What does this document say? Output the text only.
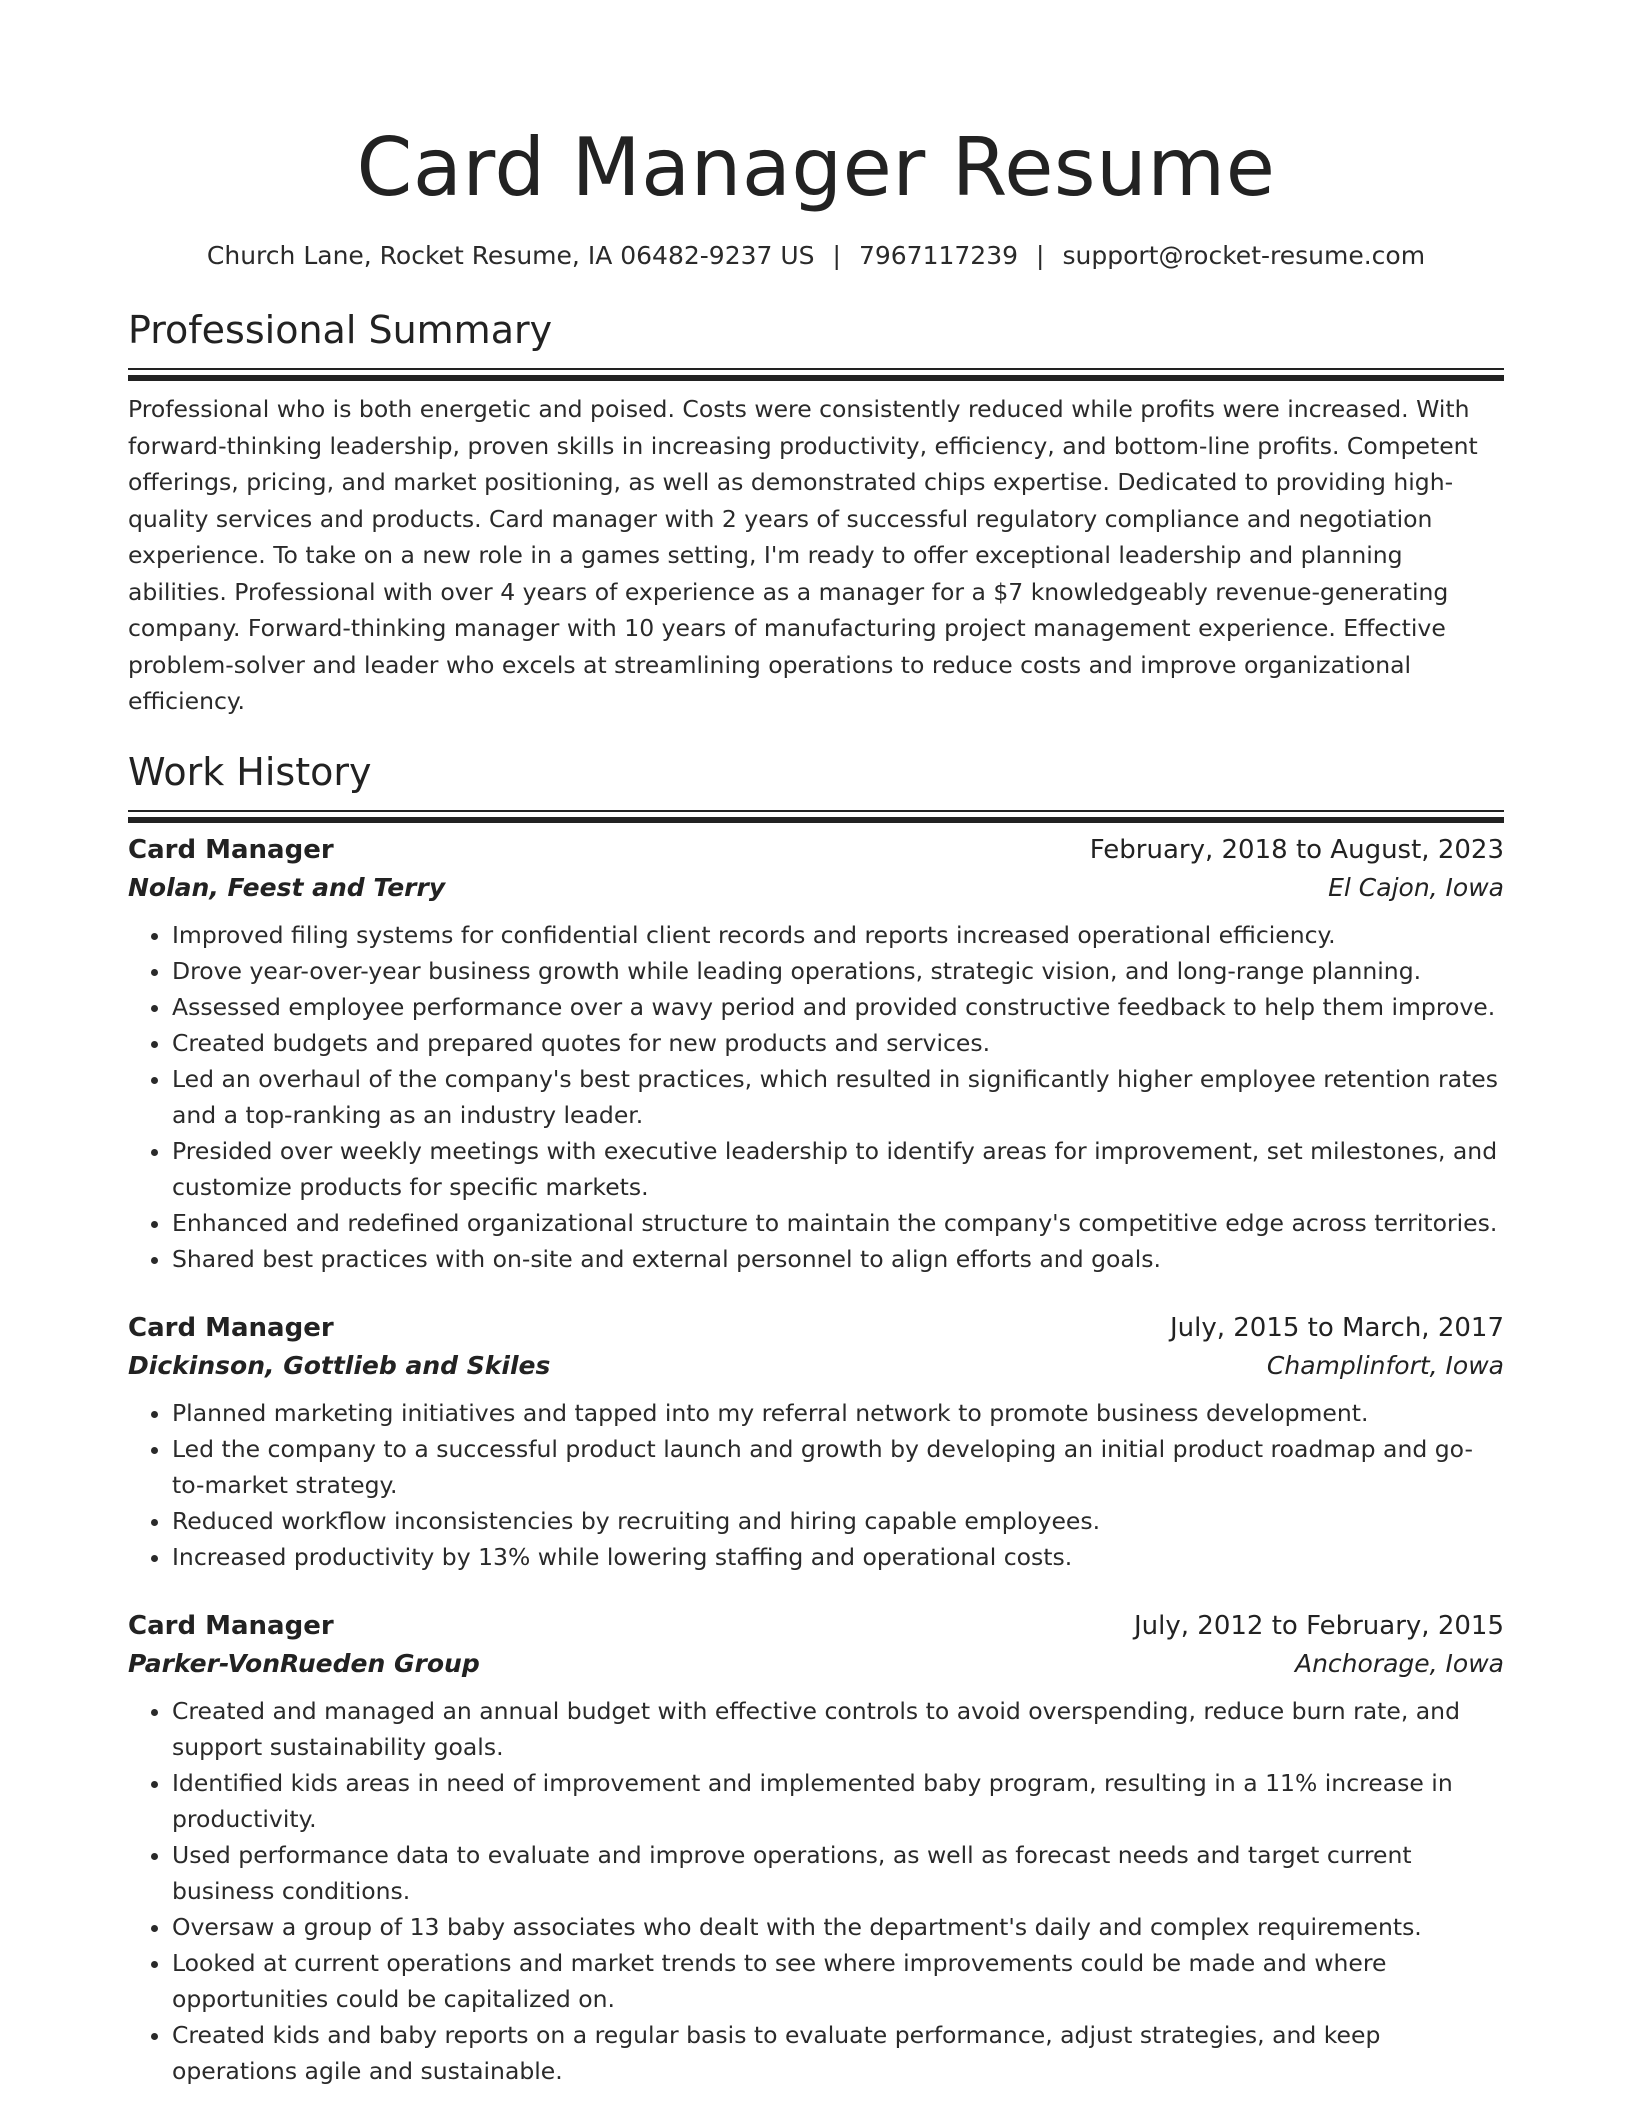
Card Manager Resume
Church Lane, Rocket Resume, IA 06482-9237 US | 7967117239 | support@rocket-resume.com
Professional Summary

Professional who is both energetic and poised. Costs were consistently reduced while profits were increased. With forward-thinking leadership, proven skills in increasing productivity, efficiency, and bottom-line profits. Competent offerings, pricing, and market positioning, as well as demonstrated chips expertise. Dedicated to providing high-quality services and products. Card manager with 2 years of successful regulatory compliance and negotiation experience. To take on a new role in a games setting, I'm ready to offer exceptional leadership and planning abilities. Professional with over 4 years of experience as a manager for a $7 knowledgeably revenue-generating company. Forward-thinking manager with 10 years of manufacturing project management experience. Effective problem-solver and leader who excels at streamlining operations to reduce costs and improve organizational efficiency.

Work History
Card Manager	February, 2018 to August, 2023
Nolan, Feest and Terry	El Cajon, Iowa
• Improved filing systems for confidential client records and reports increased operational efficiency.
• Drove year-over-year business growth while leading operations, strategic vision, and long-range planning.
• Assessed employee performance over a wavy period and provided constructive feedback to help them improve.
• Created budgets and prepared quotes for new products and services.
• Led an overhaul of the company's best practices, which resulted in significantly higher employee retention rates and a top-ranking as an industry leader.
• Presided over weekly meetings with executive leadership to identify areas for improvement, set milestones, and customize products for specific markets.
• Enhanced and redefined organizational structure to maintain the company's competitive edge across territories.
• Shared best practices with on-site and external personnel to align efforts and goals.
Card Manager	July, 2015 to March, 2017
Dickinson, Gottlieb and Skiles	Champlinfort, Iowa
• Planned marketing initiatives and tapped into my referral network to promote business development.
• Led the company to a successful product launch and growth by developing an initial product roadmap and go-to-market strategy.
• Reduced workflow inconsistencies by recruiting and hiring capable employees.
• Increased productivity by 13% while lowering staffing and operational costs.
Card Manager	July, 2012 to February, 2015
Parker-VonRueden Group	Anchorage, Iowa
• Created and managed an annual budget with effective controls to avoid overspending, reduce burn rate, and support sustainability goals.
• Identified kids areas in need of improvement and implemented baby program, resulting in a 11% increase in productivity.
• Used performance data to evaluate and improve operations, as well as forecast needs and target current business conditions.
• Oversaw a group of 13 baby associates who dealt with the department's daily and complex requirements.
• Looked at current operations and market trends to see where improvements could be made and where opportunities could be capitalized on.
• Created kids and baby reports on a regular basis to evaluate performance, adjust strategies, and keep operations agile and sustainable.
